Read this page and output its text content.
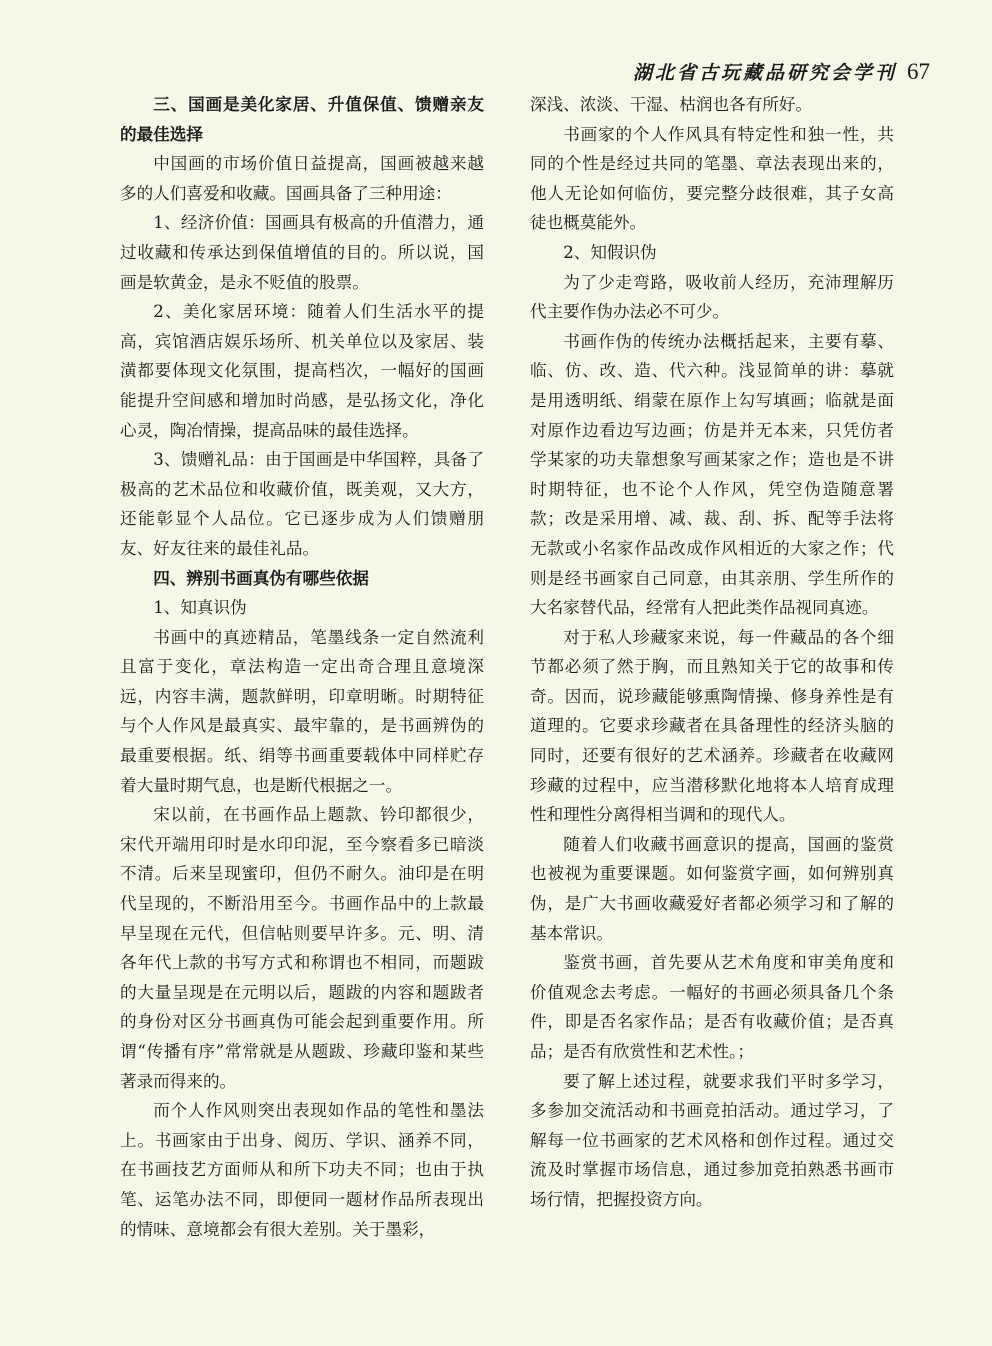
湖北省古玩藏品研究会学刊 67
三、国画是美化家居、升值保值、馈赠亲友的最佳选择

中国画的市场价值日益提高，国画被越来越多的人们喜爱和收藏。国画具备了三种用途：

1、经济价值：国画具有极高的升值潜力，通过收藏和传承达到保值增值的目的。所以说，国画是软黄金，是永不贬值的股票。

2、美化家居环境：随着人们生活水平的提高，宾馆酒店娱乐场所、机关单位以及家居、装潢都要体现文化氛围，提高档次，一幅好的国画能提升空间感和增加时尚感，是弘扬文化，净化心灵，陶冶情操，提高品味的最佳选择。

3、馈赠礼品：由于国画是中华国粹，具备了极高的艺术品位和收藏价值，既美观，又大方，还能彰显个人品位。它已逐步成为人们馈赠朋友、好友往来的最佳礼品。

四、辨别书画真伪有哪些依据

1、知真识伪

书画中的真迹精品，笔墨线条一定自然流利且富于变化，章法构造一定出奇合理且意境深远，内容丰满，题款鲜明，印章明晰。时期特征与个人作风是最真实、最牢靠的，是书画辨伪的最重要根据。纸、绢等书画重要载体中同样贮存着大量时期气息，也是断代根据之一。

宋以前，在书画作品上题款、钤印都很少，宋代开端用印时是水印印泥，至今察看多已暗淡不清。后来呈现蜜印，但仍不耐久。油印是在明代呈现的，不断沿用至今。书画作品中的上款最早呈现在元代，但信帖则要早许多。元、明、清各年代上款的书写方式和称谓也不相同，而题跋的大量呈现是在元明以后，题跋的内容和题跋者的身份对区分书画真伪可能会起到重要作用。所谓“传播有序”常常就是从题跋、珍藏印鉴和某些著录而得来的。

而个人作风则突出表现如作品的笔性和墨法上。书画家由于出身、阅历、学识、涵养不同，在书画技艺方面师从和所下功夫不同；也由于执笔、运笔办法不同，即便同一题材作品所表现出的情味、意境都会有很大差别。关于墨彩，

深浅、浓淡、干湿、枯润也各有所好。

书画家的个人作风具有特定性和独一性，共同的个性是经过共同的笔墨、章法表现出来的，他人无论如何临仿，要完整分歧很难，其子女高徒也概莫能外。

2、知假识伪

为了少走弯路，吸收前人经历，充沛理解历代主要作伪办法必不可少。

书画作伪的传统办法概括起来，主要有摹、临、仿、改、造、代六种。浅显简单的讲：摹就是用透明纸、绢蒙在原作上勾写填画；临就是面对原作边看边写边画；仿是并无本来，只凭仿者学某家的功夫靠想象写画某家之作；造也是不讲时期特征，也不论个人作风，凭空伪造随意署款；改是采用增、减、裁、刮、拆、配等手法将无款或小名家作品改成作风相近的大家之作；代则是经书画家自己同意，由其亲朋、学生所作的大名家替代品，经常有人把此类作品视同真迹。

对于私人珍藏家来说，每一件藏品的各个细节都必须了然于胸，而且熟知关于它的故事和传奇。因而，说珍藏能够熏陶情操、修身养性是有道理的。它要求珍藏者在具备理性的经济头脑的同时，还要有很好的艺术涵养。珍藏者在收藏网珍藏的过程中，应当潜移默化地将本人培育成理性和理性分离得相当调和的现代人。

随着人们收藏书画意识的提高，国画的鉴赏也被视为重要课题。如何鉴赏字画，如何辨别真伪，是广大书画收藏爱好者都必须学习和了解的基本常识。

鉴赏书画，首先要从艺术角度和审美角度和价值观念去考虑。一幅好的书画必须具备几个条件，即是否名家作品；是否有收藏价值；是否真品；是否有欣赏性和艺术性。；

要了解上述过程，就要求我们平时多学习，多参加交流活动和书画竞拍活动。通过学习，了解每一位书画家的艺术风格和创作过程。通过交流及时掌握市场信息，通过参加竞拍熟悉书画市场行情，把握投资方向。
